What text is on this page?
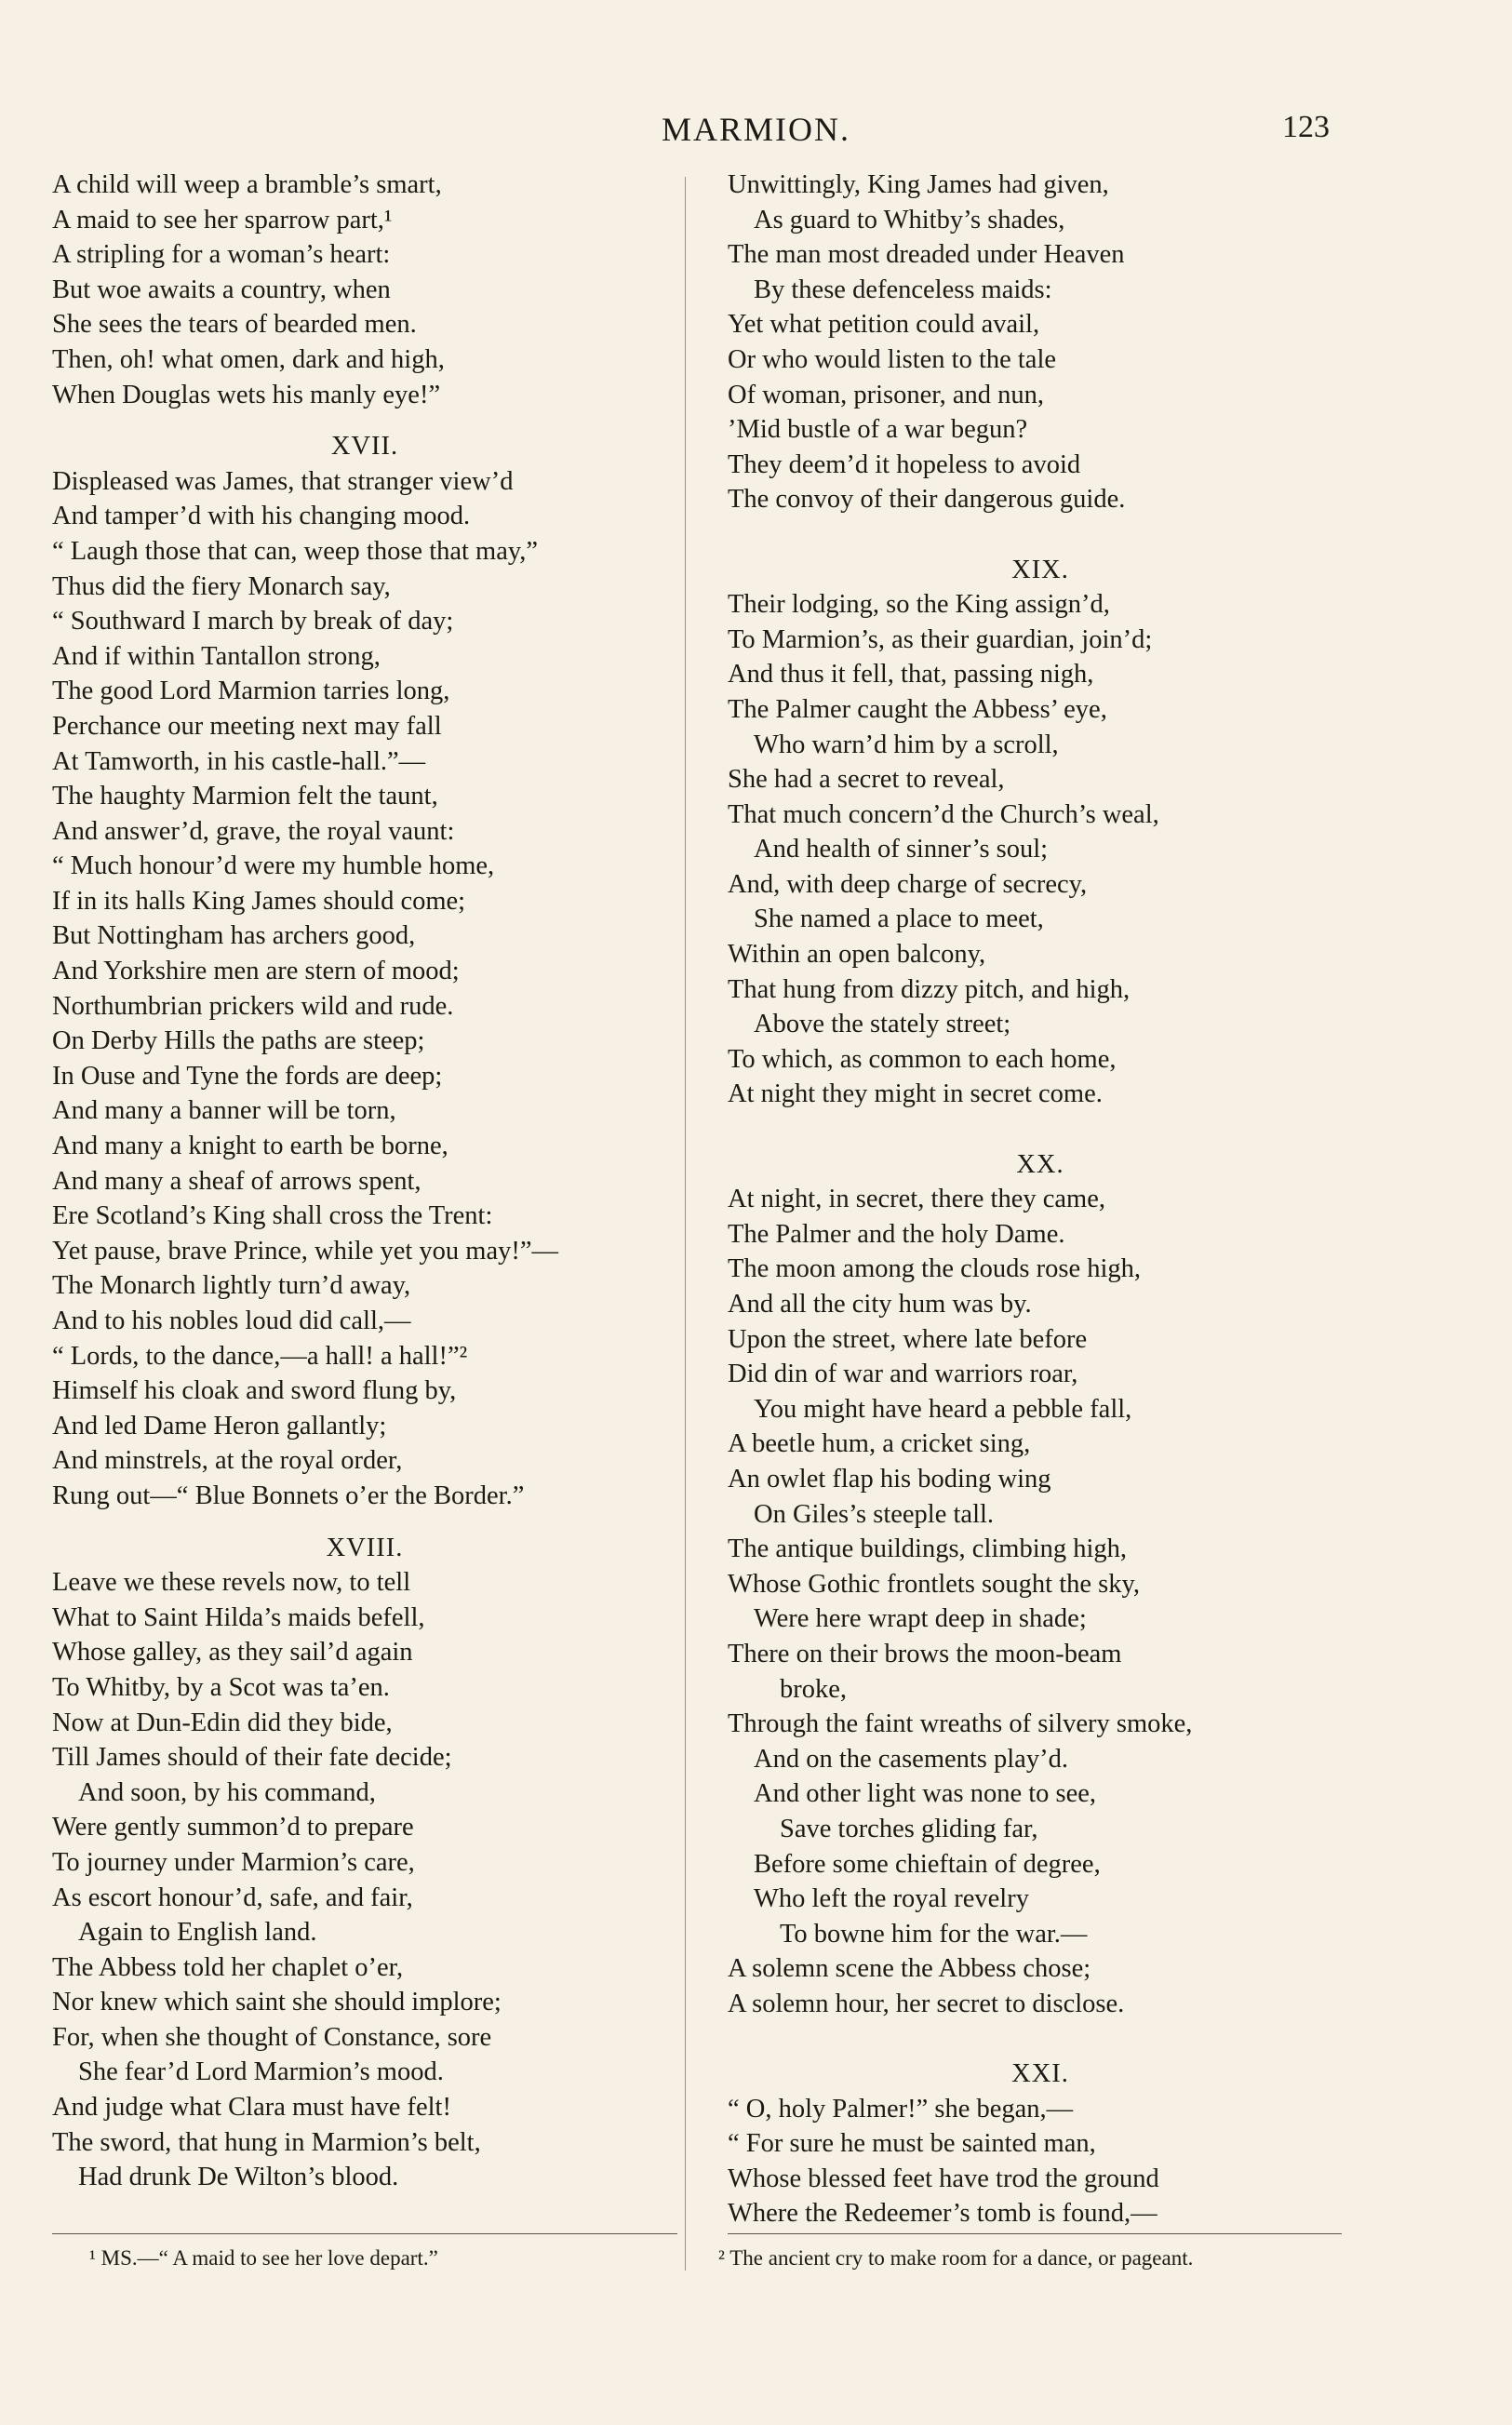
MARMION.	123
A child will weep a bramble’s smart,
A maid to see her sparrow part,¹
A stripling for a woman’s heart:
But woe awaits a country, when
She sees the tears of bearded men.
Then, oh! what omen, dark and high,
When Douglas wets his manly eye!”
XVII.
Displeased was James, that stranger view’d
And tamper’d with his changing mood.
“ Laugh those that can, weep those that may,”
Thus did the fiery Monarch say,
“ Southward I march by break of day;
And if within Tantallon strong,
The good Lord Marmion tarries long,
Perchance our meeting next may fall
At Tamworth, in his castle-hall.”—
The haughty Marmion felt the taunt,
And answer’d, grave, the royal vaunt:
“ Much honour’d were my humble home,
If in its halls King James should come;
But Nottingham has archers good,
And Yorkshire men are stern of mood;
Northumbrian prickers wild and rude.
On Derby Hills the paths are steep;
In Ouse and Tyne the fords are deep;
And many a banner will be torn,
And many a knight to earth be borne,
And many a sheaf of arrows spent,
Ere Scotland’s King shall cross the Trent:
Yet pause, brave Prince, while yet you may!”—
The Monarch lightly turn’d away,
And to his nobles loud did call,—
“ Lords, to the dance,—a hall! a hall!”²
Himself his cloak and sword flung by,
And led Dame Heron gallantly;
And minstrels, at the royal order,
Rung out—“ Blue Bonnets o’er the Border.”
XVIII.
Leave we these revels now, to tell
What to Saint Hilda’s maids befell,
Whose galley, as they sail’d again
To Whitby, by a Scot was ta’en.
Now at Dun-Edin did they bide,
Till James should of their fate decide;
And soon, by his command,
Were gently summon’d to prepare
To journey under Marmion’s care,
As escort honour’d, safe, and fair,
Again to English land.
The Abbess told her chaplet o’er,
Nor knew which saint she should implore;
For, when she thought of Constance, sore
She fear’d Lord Marmion’s mood.
And judge what Clara must have felt!
The sword, that hung in Marmion’s belt,
Had drunk De Wilton’s blood.
Unwittingly, King James had given,
As guard to Whitby’s shades,
The man most dreaded under Heaven
By these defenceless maids:
Yet what petition could avail,
Or who would listen to the tale
Of woman, prisoner, and nun,
’Mid bustle of a war begun?
They deem’d it hopeless to avoid
The convoy of their dangerous guide.
XIX.
Their lodging, so the King assign’d,
To Marmion’s, as their guardian, join’d;
And thus it fell, that, passing nigh,
The Palmer caught the Abbess’ eye,
Who warn’d him by a scroll,
She had a secret to reveal,
That much concern’d the Church’s weal,
And health of sinner’s soul;
And, with deep charge of secrecy,
She named a place to meet,
Within an open balcony,
That hung from dizzy pitch, and high,
Above the stately street;
To which, as common to each home,
At night they might in secret come.
XX.
At night, in secret, there they came,
The Palmer and the holy Dame.
The moon among the clouds rose high,
And all the city hum was by.
Upon the street, where late before
Did din of war and warriors roar,
You might have heard a pebble fall,
A beetle hum, a cricket sing,
An owlet flap his boding wing
On Giles’s steeple tall.
The antique buildings, climbing high,
Whose Gothic frontlets sought the sky,
Were here wrapt deep in shade;
There on their brows the moon-beam
broke,
Through the faint wreaths of silvery smoke,
And on the casements play’d.
And other light was none to see,
Save torches gliding far,
Before some chieftain of degree,
Who left the royal revelry
To bowne him for the war.—
A solemn scene the Abbess chose;
A solemn hour, her secret to disclose.
XXI.
“ O, holy Palmer!” she began,—
“ For sure he must be sainted man,
Whose blessed feet have trod the ground
Where the Redeemer’s tomb is found,—
¹ MS.—“ A maid to see her love depart.”	² The ancient cry to make room for a dance, or pageant.
